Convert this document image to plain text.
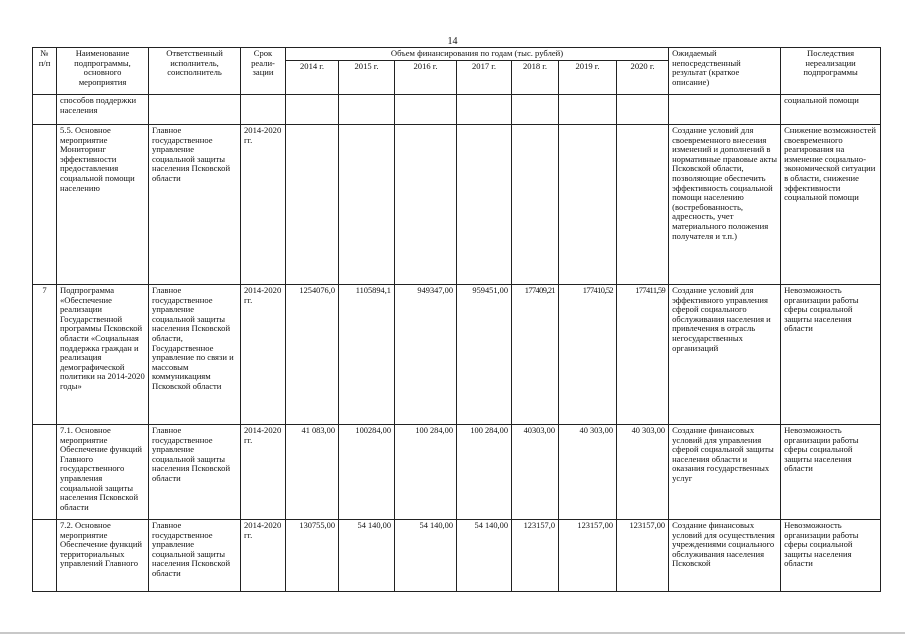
14
№ п/п	Наименование подпрограммы, основного мероприятия	Ответственный исполнитель, соисполнитель	Срок реали-зации	Объем финансирования по годам (тыс. рублей)							Ожидаемый непосредственный результат (краткое описание)	Последствия нереализации подпрограммы
				2014 г.	2015 г.	2016 г.	2017 г.	2018 г.	2019 г.	2020 г.		
	способов поддержки населения											социальной помощи
	5.5. Основное мероприятие Мониторинг эффективности предоставления социальной помощи населению	Главное государственное управление социальной защиты населения Псковской области	2014-2020 гг.								Создание условий для своевременного внесения изменений и дополнений в нормативные правовые акты Псковской области, позволяющие обеспечить эффективность социальной помощи населению (востребованность, адресность, учет материального положения получателя и т.п.)	Снижение возможностей своевременного реагирования на изменение социально-экономической ситуации в области, снижение эффективности социальной помощи
7	Подпрограмма «Обеспечение реализации Государственной программы Псковской области «Социальная поддержка граждан и реализация демографической политики на 2014-2020 годы»	Главное государственное управление социальной защиты населения Псковской области, Государственное управление по связи и массовым коммуникациям Псковской области	2014-2020 гг.	1254076,0	1105894,1	949347,00	959451,00	177409,21	177410,52	177411,59	Создание условий для эффективного управления сферой социального обслуживания населения и привлечения в отрасль негосударственных организаций	Невозможность организации работы сферы социальной защиты населения области
	7.1. Основное мероприятие Обеспечение функций Главного государственного управления социальной защиты населения Псковской области	Главное государственное управление социальной защиты населения Псковской области	2014-2020 гг.	41 083,00	100284,00	100 284,00	100 284,00	40303,00	40 303,00	40 303,00	Создание финансовых условий для управления сферой социальной защиты населения области и оказания государственных услуг	Невозможность организации работы сферы социальной защиты населения области
	7.2. Основное мероприятие Обеспечение функций территориальных управлений Главного	Главное государственное управление социальной защиты населения Псковской области	2014-2020 гг.	130755,00	54 140,00	54 140,00	54 140,00	123157,0	123157,00	123157,00	Создание финансовых условий для осуществления учреждениями социального обслуживания населения Псковской	Невозможность организации работы сферы социальной защиты населения области
